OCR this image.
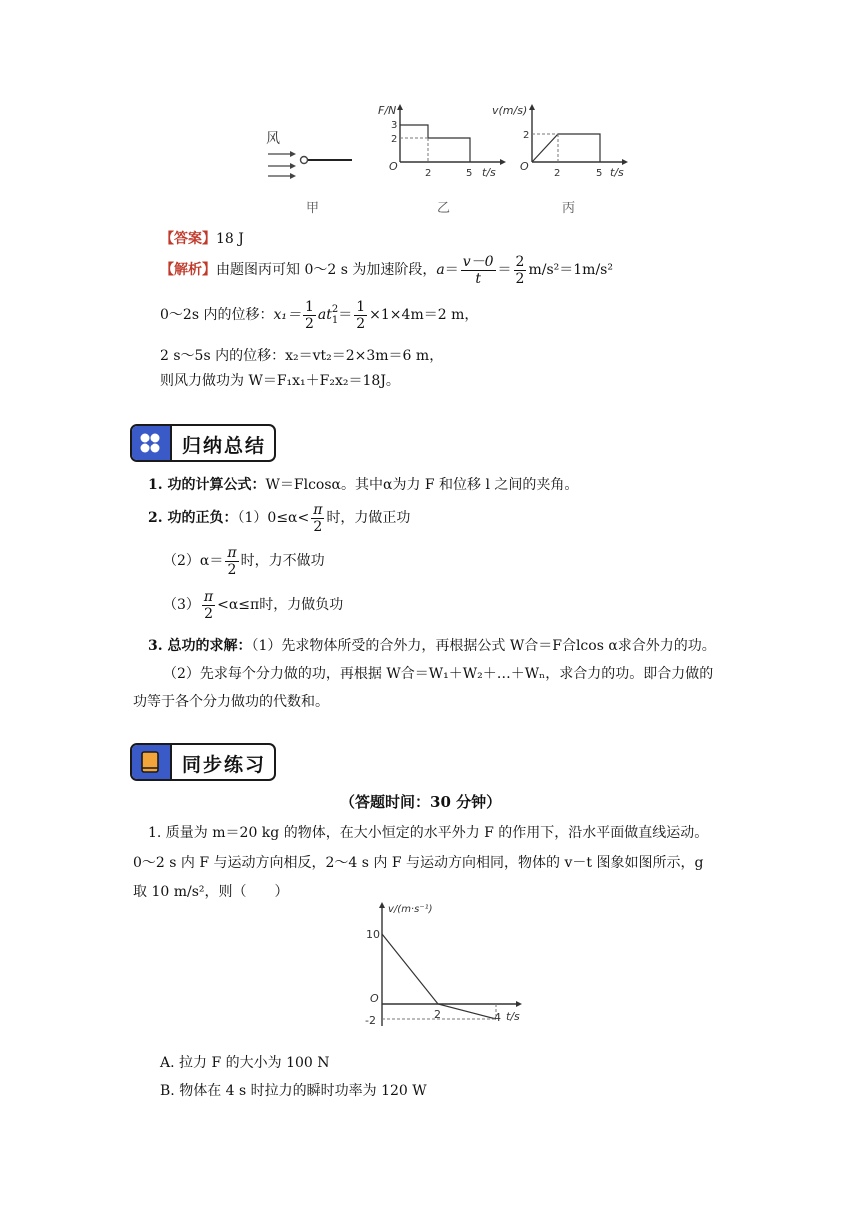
风
甲
F/N
3
2
O
2	5 t/s
乙
v(m/s)
2
O
2	5 t/s
丙
【答案】18 J
【解析】由题图丙可知 0～2 s 为加速阶段，$a= \frac{v-0}{t} = \frac{2}{2} m/s^2=1m/s^2$
0～2s 内的位移：$x_1= \frac{1}{2}$ at 2
$1 = \frac{1}{2} \times 1\times 4m=2$ m，
2 s～5s 内的位移：x₂＝vt₂＝2×3m＝6 m，
则风力做功为 W＝F₁x₁＋F₂x₂＝18J。
归纳总结
1. 功的计算公式：W＝Flcosα。其中α为力 F 和位移 l 之间的夹角。
2. 功的正负：$(1)0\le\alpha< \frac{\pi}{2}$ 时，力做正功
$(2)\alpha= \frac{\pi}{2}$ 时，力不做功
$(3) \frac{\pi}{2} <\alpha\le\pi$时，力做负功
3. 总功的求解：（1）先求物体所受的合外力，再根据公式 W合＝F合lcos α求合外力的功。
（2）先求每个分力做的功，再根据 W合＝W₁＋W₂＋…＋Wₙ，求合力的功。即合力做的
功等于各个分力做功的代数和。
同步练习
（答题时间：30 分钟）
1. 质量为 m＝20 kg 的物体，在大小恒定的水平外力 F 的作用下，沿水平面做直线运动。
0～2 s 内 F 与运动方向相反，2～4 s 内 F 与运动方向相同，物体的 v－t 图象如图所示，g
取 10 m/s²，则（　　）
v/(m·s⁻¹)
10
O
-2	2	4 t/s
A. 拉力 F 的大小为 100 N
B. 物体在 4 s 时拉力的瞬时功率为 120 W
